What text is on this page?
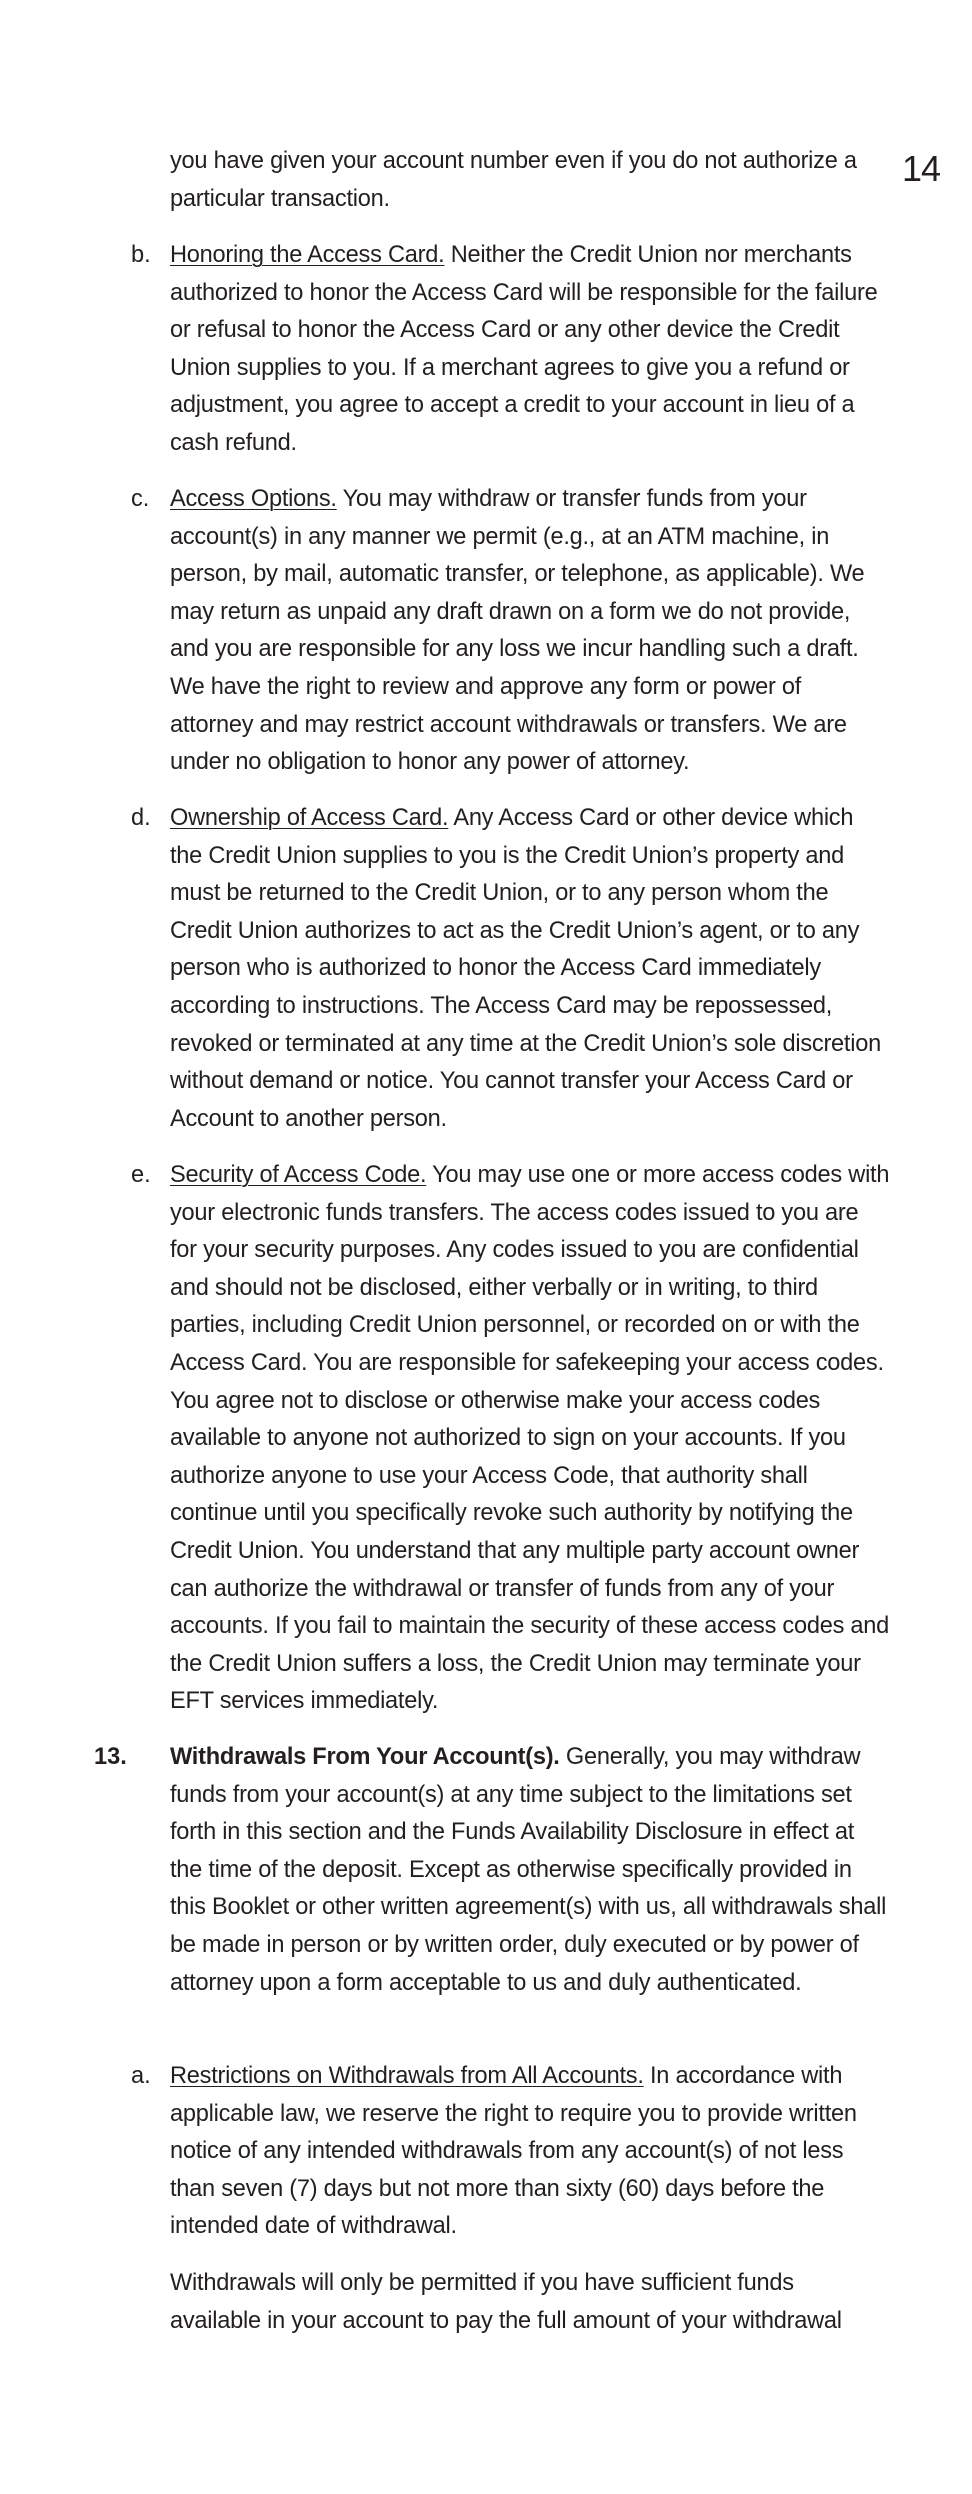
14
you have given your account number even if you do not authorize a particular transaction.
b. Honoring the Access Card. Neither the Credit Union nor merchants authorized to honor the Access Card will be responsible for the failure or refusal to honor the Access Card or any other device the Credit Union supplies to you. If a merchant agrees to give you a refund or adjustment, you agree to accept a credit to your account in lieu of a cash refund.
c. Access Options. You may withdraw or transfer funds from your account(s) in any manner we permit (e.g., at an ATM machine, in person, by mail, automatic transfer, or telephone, as applicable). We may return as unpaid any draft drawn on a form we do not provide, and you are responsible for any loss we incur handling such a draft. We have the right to review and approve any form or power of attorney and may restrict account withdrawals or transfers. We are under no obligation to honor any power of attorney.
d. Ownership of Access Card. Any Access Card or other device which the Credit Union supplies to you is the Credit Union’s property and must be returned to the Credit Union, or to any person whom the Credit Union authorizes to act as the Credit Union’s agent, or to any person who is authorized to honor the Access Card immediately according to instructions. The Access Card may be repossessed, revoked or terminated at any time at the Credit Union’s sole discretion without demand or notice. You cannot transfer your Access Card or Account to another person.
e. Security of Access Code. You may use one or more access codes with your electronic funds transfers. The access codes issued to you are for your security purposes. Any codes issued to you are confidential and should not be disclosed, either verbally or in writing, to third parties, including Credit Union personnel, or recorded on or with the Access Card. You are responsible for safekeeping your access codes. You agree not to disclose or otherwise make your access codes available to anyone not authorized to sign on your accounts. If you authorize anyone to use your Access Code, that authority shall continue until you specifically revoke such authority by notifying the Credit Union. You understand that any multiple party account owner can authorize the withdrawal or transfer of funds from any of your accounts. If you fail to maintain the security of these access codes and the Credit Union suffers a loss, the Credit Union may terminate your EFT services immediately.
13. Withdrawals From Your Account(s). Generally, you may withdraw funds from your account(s) at any time subject to the limitations set forth in this section and the Funds Availability Disclosure in effect at the time of the deposit. Except as otherwise specifically provided in this Booklet or other written agreement(s) with us, all withdrawals shall be made in person or by written order, duly executed or by power of attorney upon a form acceptable to us and duly authenticated.
a. Restrictions on Withdrawals from All Accounts. In accordance with applicable law, we reserve the right to require you to provide written notice of any intended withdrawals from any account(s) of not less than seven (7) days but not more than sixty (60) days before the intended date of withdrawal.
Withdrawals will only be permitted if you have sufficient funds available in your account to pay the full amount of your withdrawal
